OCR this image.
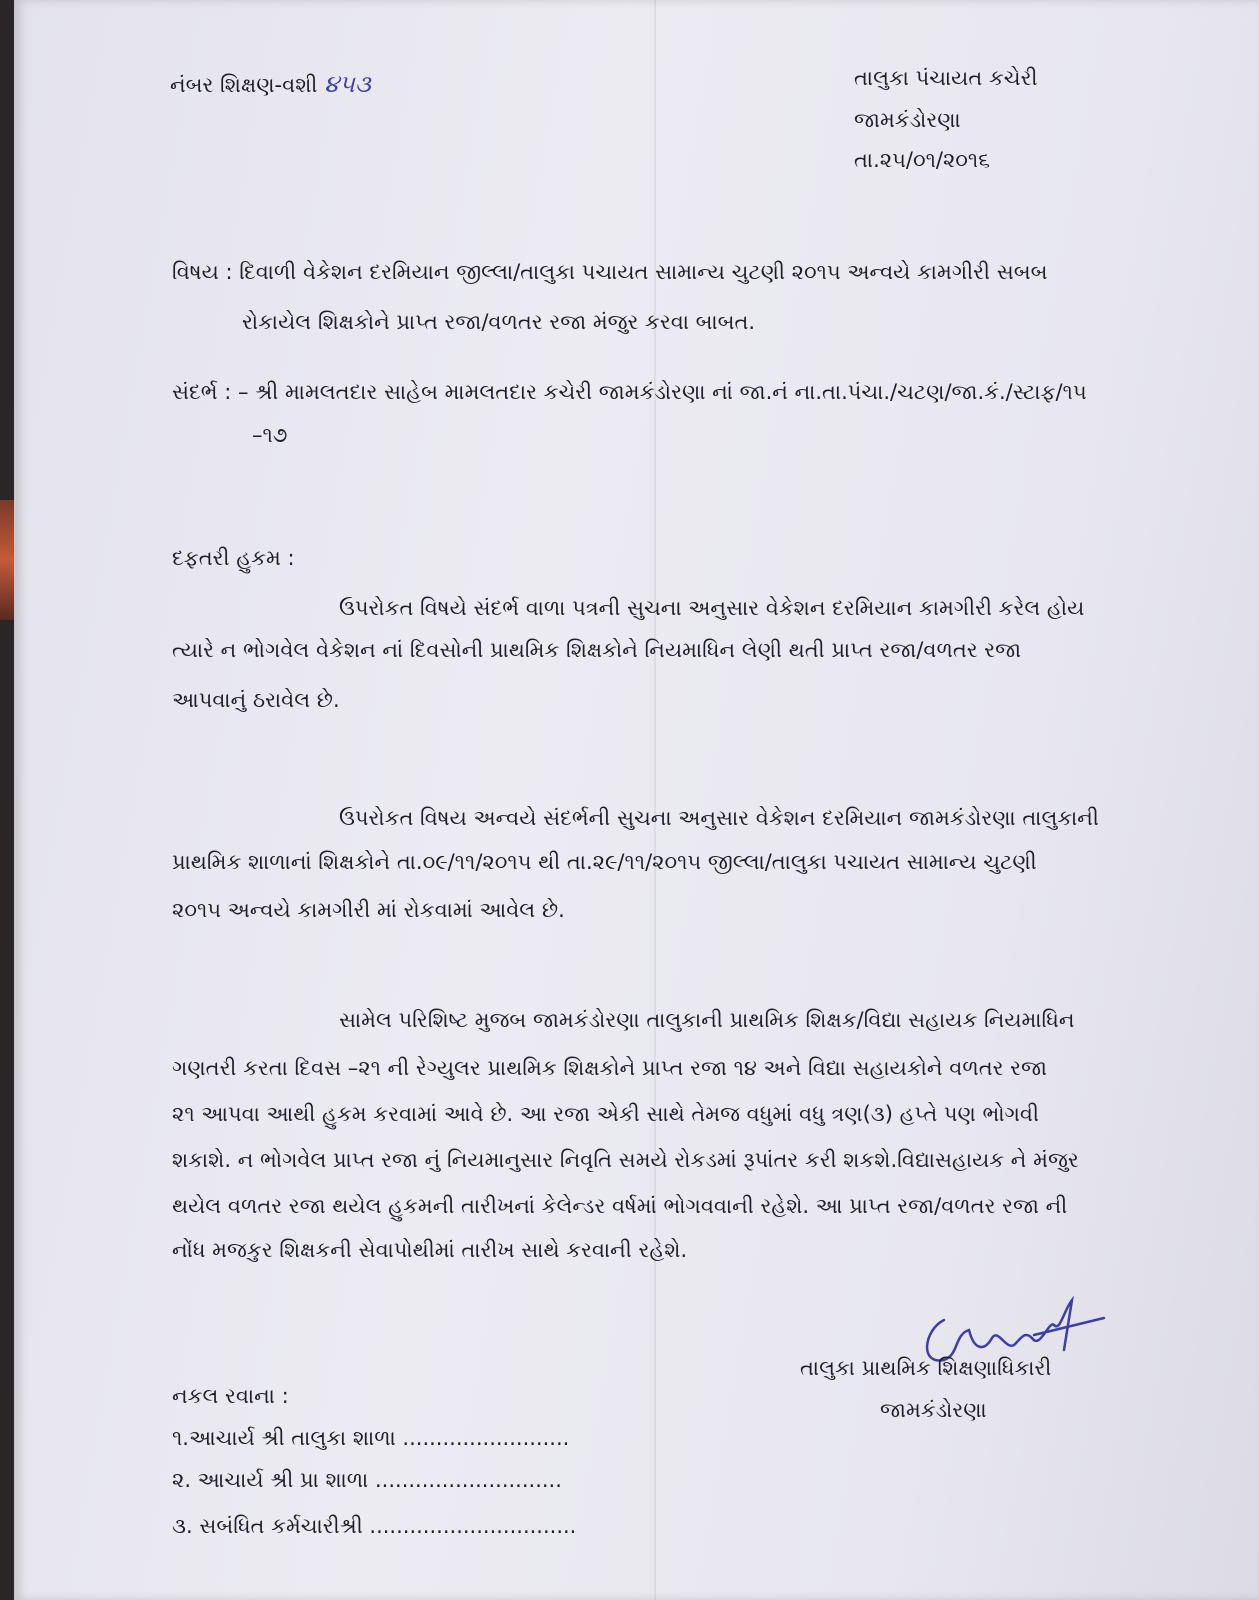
નંબર શિક્ષણ-વશી ૪૫૩	તાલુકા પંચાયત કચેરી
જામકંડોરણા
તા.૨૫/૦૧/૨૦૧૬
વિષય : દિવાળી વેકેશન દરમિયાન જીલ્લા/તાલુકા પચાયત સામાન્ય ચુટણી ૨૦૧૫ અન્વયે કામગીરી સબબ
રોકાયેલ શિક્ષકોને પ્રાપ્ત રજા/વળતર રજા મંજુર કરવા બાબત.
સંદર્ભ : – શ્રી મામલતદાર સાહેબ મામલતદાર કચેરી જામકંડોરણા નાં જા.નં ના.તા.પંચા./ચટણ/જા.કં./સ્ટાફ/૧૫
–૧૭
દફતરી હુકમ :
ઉપરોકત વિષયે સંદર્ભ વાળા પત્રની સુચના અનુસાર વેકેશન દરમિયાન કામગીરી કરેલ હોય
ત્યારે ન ભોગવેલ વેકેશન નાં દિવસોની પ્રાથમિક શિક્ષકોને નિયમાધિન લેણી થતી પ્રાપ્ત રજા/વળતર રજા
આપવાનું ઠરાવેલ છે.
ઉપરોકત વિષય અન્વયે સંદર્ભની સુચના અનુસાર વેકેશન દરમિયાન જામકંડોરણા તાલુકાની
પ્રાથમિક શાળાનાં શિક્ષકોને તા.૦૯/૧૧/૨૦૧૫ થી તા.૨૯/૧૧/૨૦૧૫ જીલ્લા/તાલુકા પચાયત સામાન્ય ચુટણી
૨૦૧૫ અન્વયે કામગીરી માં રોકવામાં આવેલ છે.
સામેલ પરિશિષ્ટ મુજબ જામકંડોરણા તાલુકાની પ્રાથમિક શિક્ષક/વિદ્યા સહાયક નિયમાધિન
ગણતરી કરતા દિવસ –૨૧ ની રેગ્યુલર પ્રાથમિક શિક્ષકોને પ્રાપ્ત રજા ૧૪ અને વિદ્યા સહાયકોને વળતર રજા
૨૧ આપવા આથી હુકમ કરવામાં આવે છે. આ રજા એકી સાથે તેમજ વધુમાં વધુ ત્રણ(૩) હપ્તે પણ ભોગવી
શકાશે. ન ભોગવેલ પ્રાપ્ત રજા નું નિયમાનુસાર નિવૃતિ સમયે રોકડમાં રૂપાંતર કરી શકશે.વિદ્યાસહાયક ને મંજુર
થયેલ વળતર રજા થયેલ હુકમની તારીખનાં કેલેન્ડર વર્ષમાં ભોગવવાની રહેશે. આ પ્રાપ્ત રજા/વળતર રજા ની
નોંધ મજકુર શિક્ષકની સેવાપોથીમાં તારીખ સાથે કરવાની રહેશે.
તાલુકા પ્રાથમિક શિક્ષણાધિકારી
જામકંડોરણા
નકલ રવાના :
૧.આચાર્ય શ્રી તાલુકા શાળા .........................
૨. આચાર્ય શ્રી પ્રા શાળા ............................
૩. સબંધિત કર્મચારીશ્રી ...............................
